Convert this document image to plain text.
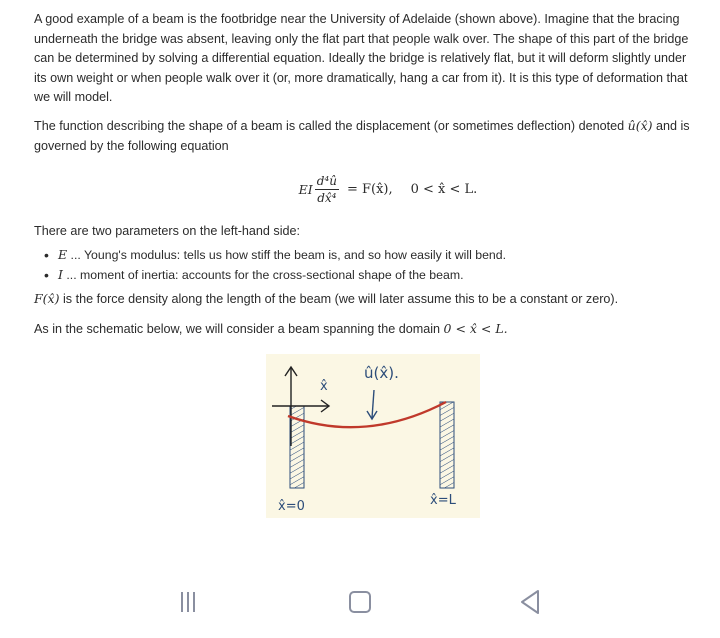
A good example of a beam is the footbridge near the University of Adelaide (shown above). Imagine that the bracing underneath the bridge was absent, leaving only the flat part that people walk over. The shape of this part of the bridge can be determined by solving a differential equation. Ideally the bridge is relatively flat, but it will deform slightly under its own weight or when people walk over it (or, more dramatically, hang a car from it). It is this type of deformation that we will model.

The function describing the shape of a beam is called the displacement (or sometimes deflection) denoted û(x̂) and is governed by the following equation

EI $\frac{\text{d⁴û}}{\text{dx̂⁴}}$ = F(x̂), 0 < x̂ < L.

There are two parameters on the left-hand side:

• E ... Young's modulus: tells us how stiff the beam is, and so how easily it will bend.
• I ... moment of inertia: accounts for the cross-sectional shape of the beam.

F(x̂) is the force density along the length of the beam (we will later assume this to be a constant or zero).

As in the schematic below, we will consider a beam spanning the domain 0 < x̂ < L.

û(x̂).
x̂
x̂=0	x̂=L
